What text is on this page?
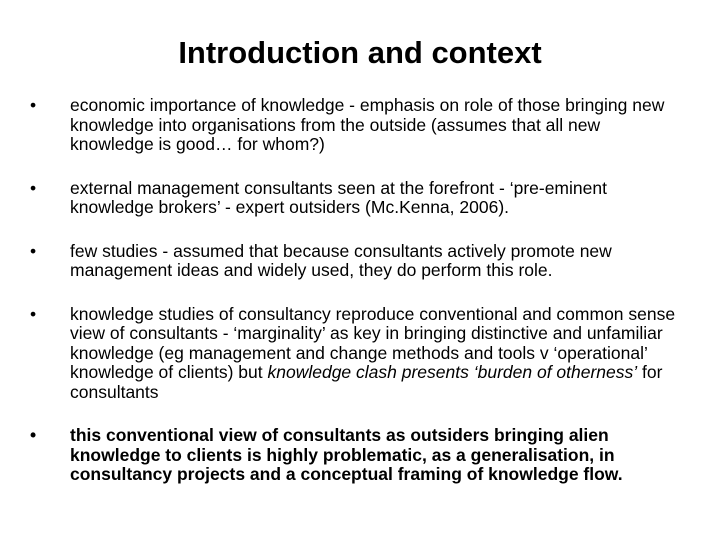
Introduction and context
• economic importance of knowledge - emphasis on role of those bringing new knowledge into organisations from the outside (assumes that all new knowledge is good… for whom?)
• external management consultants seen at the forefront - ‘pre-eminent knowledge brokers’ - expert outsiders (Mc.Kenna, 2006).
• few studies - assumed that because consultants actively promote new management ideas and widely used, they do perform this role.
• knowledge studies of consultancy reproduce conventional and common sense view of consultants - ‘marginality’ as key in bringing distinctive and unfamiliar knowledge (eg management and change methods and tools v ‘operational’ knowledge of clients) but knowledge clash presents ‘burden of otherness’ for consultants
• this conventional view of consultants as outsiders bringing alien knowledge to clients is highly problematic, as a generalisation, in consultancy projects and a conceptual framing of knowledge flow.
